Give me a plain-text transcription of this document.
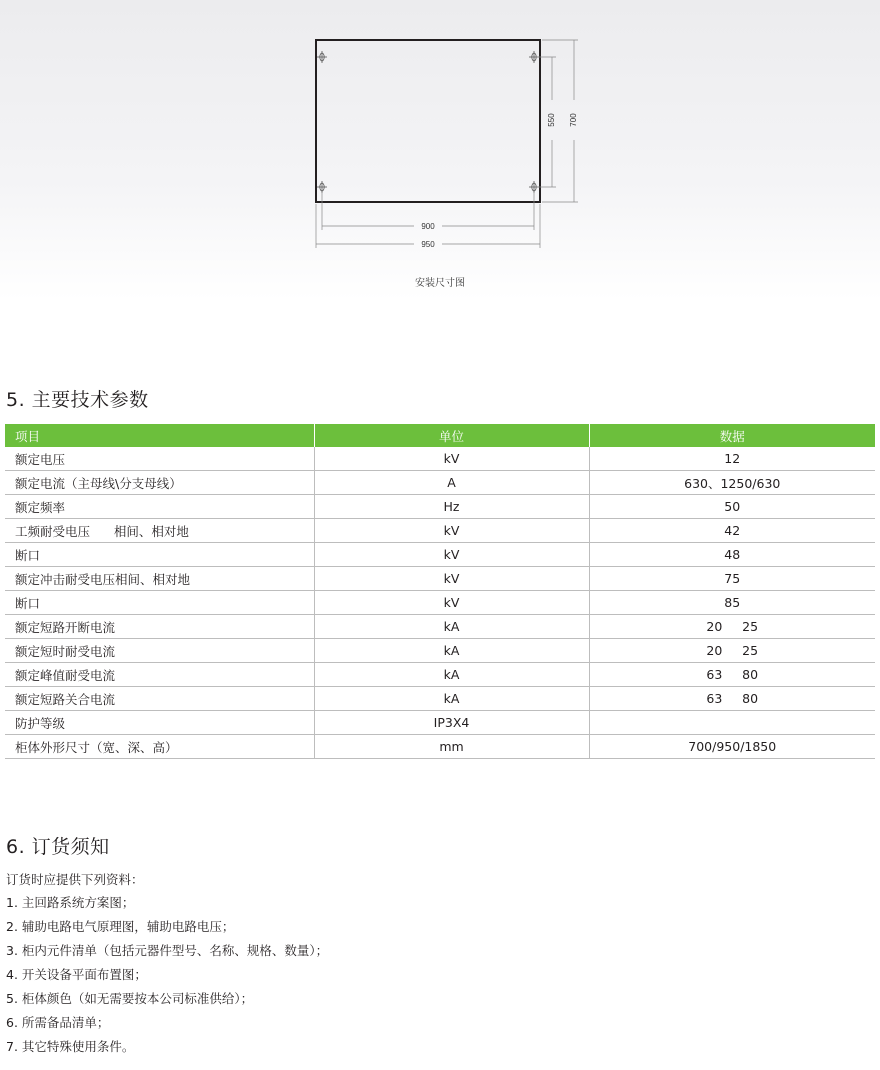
550 700
900
950
安装尺寸图
5. 主要技术参数
项目	单位	数据
额定电压	kV	12
额定电流（主母线\分支母线）	A	630、1250/630
额定频率	Hz	50
工频耐受电压      相间、相对地	kV	42
断口	kV	48
额定冲击耐受电压相间、相对地	kV	75
断口	kV	85
额定短路开断电流	kA	20     25
额定短时耐受电流	kA	20     25
额定峰值耐受电流	kA	63     80
额定短路关合电流	kA	63     80
防护等级	IP3X4	
柜体外形尺寸（宽、深、高）	mm	700/950/1850
6. 订货须知
订货时应提供下列资料：
1. 主回路系统方案图；
2. 辅助电路电气原理图，辅助电路电压；
3. 柜内元件清单（包括元器件型号、名称、规格、数量）；
4. 开关设备平面布置图；
5. 柜体颜色（如无需要按本公司标准供给）；
6. 所需备品清单；
7. 其它特殊使用条件。
